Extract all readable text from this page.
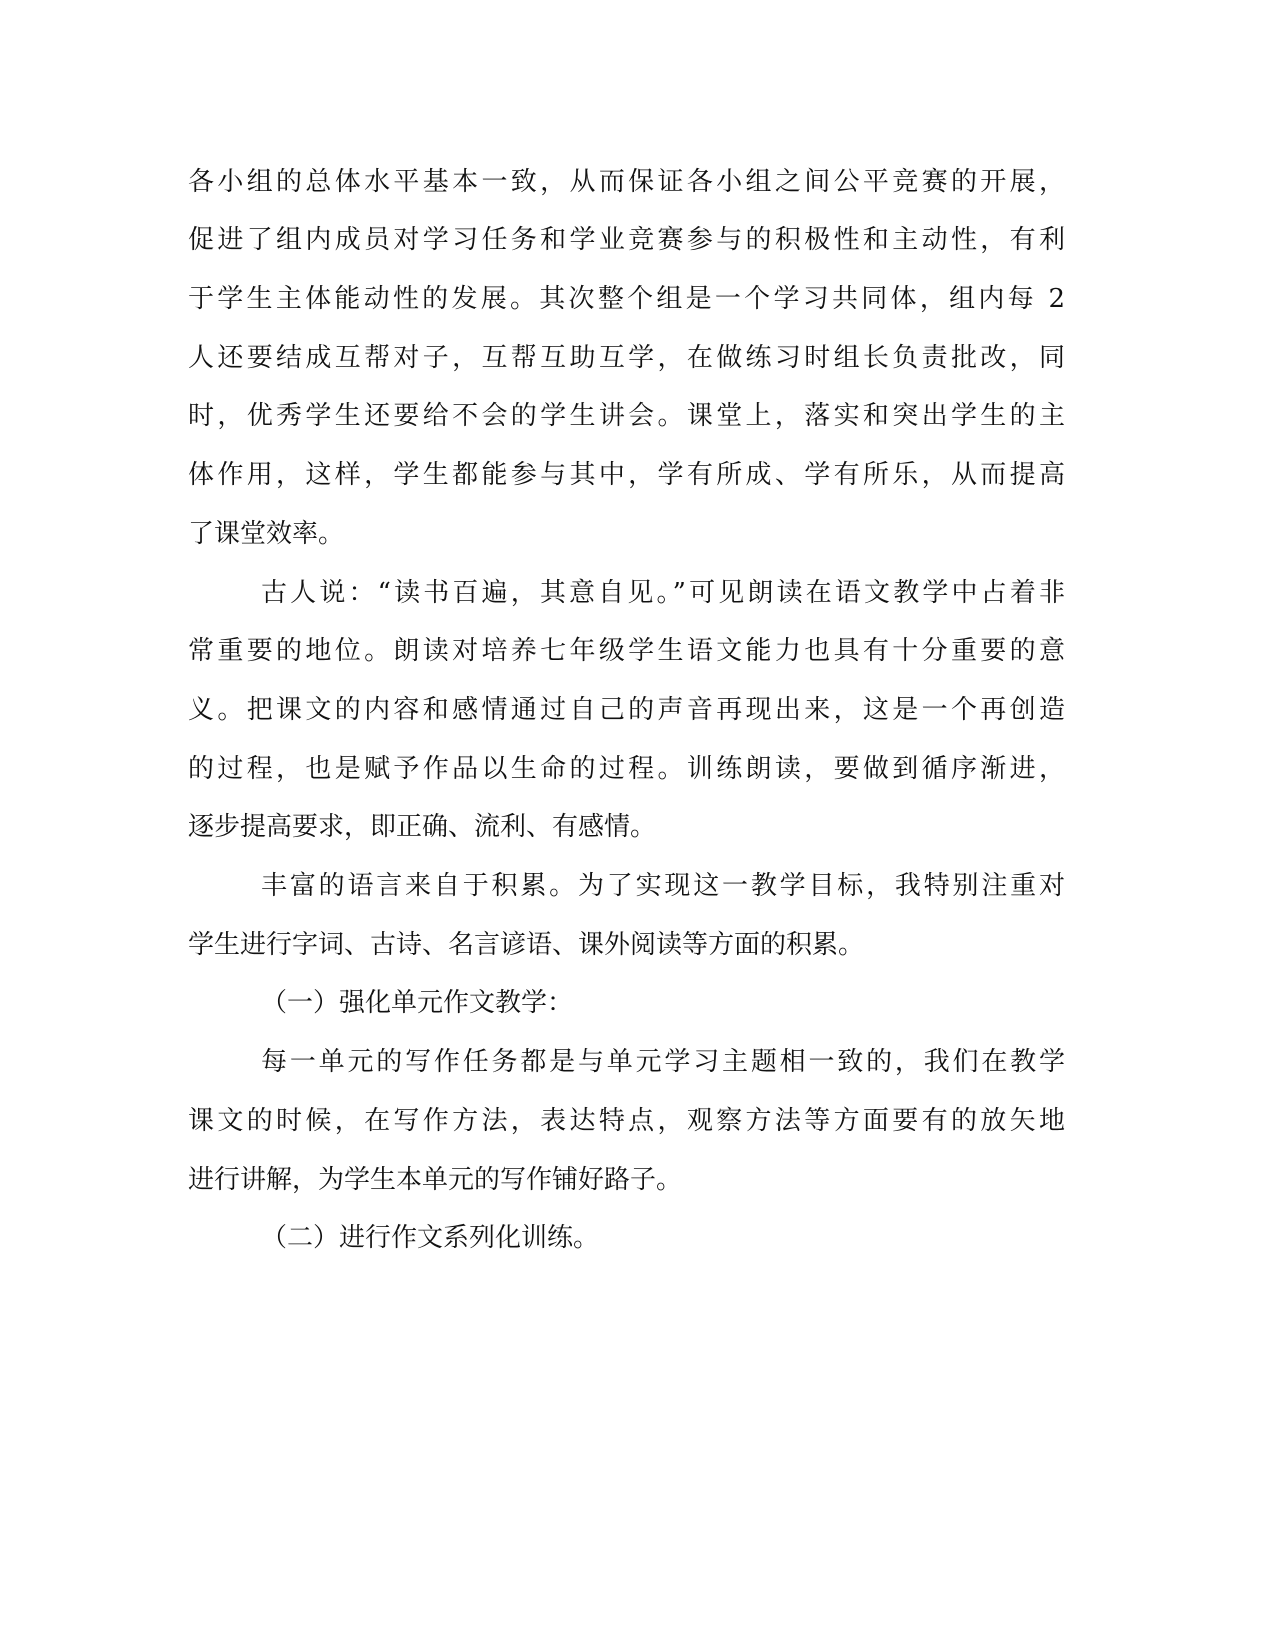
各小组的总体水平基本一致，从而保证各小组之间公平竞赛的开展，

促进了组内成员对学习任务和学业竞赛参与的积极性和主动性，有利

于学生主体能动性的发展。其次整个组是一个学习共同体，组内每 2

人还要结成互帮对子，互帮互助互学，在做练习时组长负责批改，同

时，优秀学生还要给不会的学生讲会。课堂上，落实和突出学生的主

体作用，这样，学生都能参与其中，学有所成、学有所乐，从而提高

了课堂效率。

古人说：“读书百遍，其意自见。”可见朗读在语文教学中占着非

常重要的地位。朗读对培养七年级学生语文能力也具有十分重要的意

义。把课文的内容和感情通过自己的声音再现出来，这是一个再创造

的过程，也是赋予作品以生命的过程。训练朗读，要做到循序渐进，

逐步提高要求，即正确、流利、有感情。

丰富的语言来自于积累。为了实现这一教学目标，我特别注重对

学生进行字词、古诗、名言谚语、课外阅读等方面的积累。

（一）强化单元作文教学：

每一单元的写作任务都是与单元学习主题相一致的，我们在教学

课文的时候，在写作方法，表达特点，观察方法等方面要有的放矢地

进行讲解，为学生本单元的写作铺好路子。

（二）进行作文系列化训练。
